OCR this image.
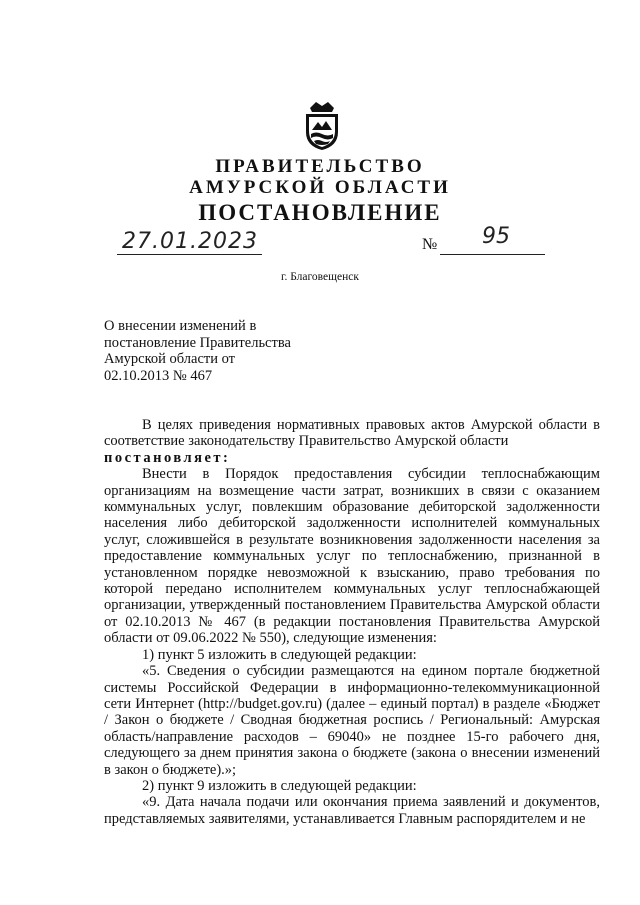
ПРАВИТЕЛЬСТВО
АМУРСКОЙ ОБЛАСТИ
ПОСТАНОВЛЕНИЕ
27.01.2023	№ 95
г. Благовещенск
О внесении изменений в
постановление Правительства
Амурской области от
02.10.2013 № 467

В целях приведения нормативных правовых актов Амурской области в соответствие законодательству Правительство Амурской области

постановляет:

Внести в Порядок предоставления субсидии теплоснабжающим организациям на возмещение части затрат, возникших в связи с оказанием коммунальных услуг, повлекшим образование дебиторской задолженности населения либо дебиторской задолженности исполнителей коммунальных услуг, сложившейся в результате возникновения задолженности населения за предоставление коммунальных услуг по теплоснабжению, признанной в установленном порядке невозможной к взысканию, право требования по которой передано исполнителем коммунальных услуг теплоснабжающей организации, утвержденный постановлением Правительства Амурской области от 02.10.2013 № 467 (в редакции постановления Правительства Амурской области от 09.06.2022 № 550), следующие изменения:

1) пункт 5 изложить в следующей редакции:

«5. Сведения о субсидии размещаются на едином портале бюджетной системы Российской Федерации в информационно-телекоммуникационной сети Интернет (http://budget.gov.ru) (далее – единый портал) в разделе «Бюджет / Закон о бюджете / Сводная бюджетная роспись / Региональный: Амурская область/направление расходов – 69040» не позднее 15-го рабочего дня, следующего за днем принятия закона о бюджете (закона о внесении изменений в закон о бюджете).»;

2) пункт 9 изложить в следующей редакции:

«9. Дата начала подачи или окончания приема заявлений и документов, представляемых заявителями, устанавливается Главным распорядителем и не
